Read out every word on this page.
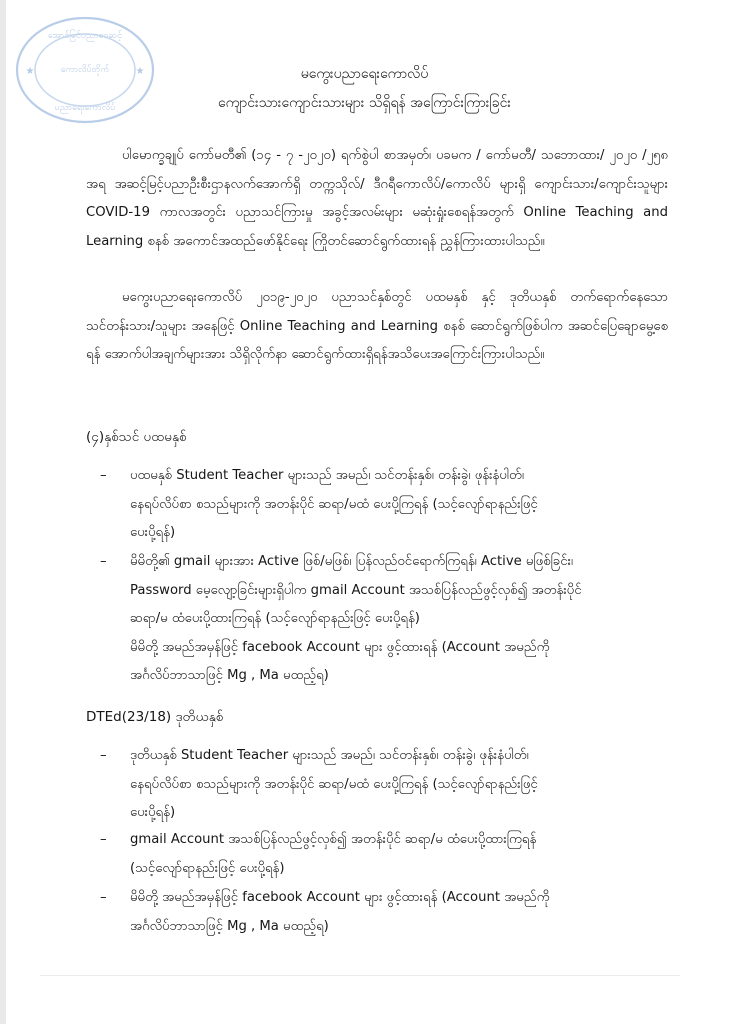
အောင်မြင်ပညာဝေဆင့်
ကောလိပ်တိုက်
ပညာရေးကောလိပ်
★	★	မကွေးပညာရေးကောလိပ်
ကျောင်းသားကျောင်းသားများ သိရှိရန် အကြောင်းကြားခြင်း
ပါမောက္ခချုပ် ကော်မတီ၏ (၁၄ - ၇ -၂၀၂၀) ရက်စွဲပါ စာအမှတ်၊ ပခမက / ကော်မတီ/ သဘောထား/ ၂၀၂၀ /၂၅၈ အရ အဆင့်မြင့်ပညာဦးစီးဌာနလက်အောက်ရှိ တက္ကသိုလ်/ ဒီဂရီကောလိပ်/ကောလိပ် များရှိ ကျောင်းသား/ကျောင်းသူများ COVID-19 ကာလအတွင်း ပညာသင်ကြားမှု အခွင့်အလမ်းများ မဆုံးရှုံးစေရန်အတွက် Online Teaching and Learning စနစ် အကောင်အထည်ဖော်နိုင်ရေး ကြိုတင်ဆောင်ရွက်ထားရန် ညွှန်ကြားထားပါသည်။
မကွေးပညာရေးကောလိပ် ၂၀၁၉-၂၀၂၀ ပညာသင်နှစ်တွင် ပထမနှစ် နှင့် ဒုတိယနှစ် တက်ရောက်နေသော သင်တန်းသား/သူများ အနေဖြင့် Online Teaching and Learning စနစ် ဆောင်ရွက်ဖြစ်ပါက အဆင်ပြေချောမွေ့စေရန် အောက်ပါအချက်များအား သိရှိလိုက်နာ ဆောင်ရွက်ထားရှိရန်အသိပေးအကြောင်းကြားပါသည်။
(၄)နှစ်သင် ပထမနှစ်
– ပထမနှစ် Student Teacher များသည် အမည်၊ သင်တန်းနှစ်၊ တန်းခွဲ၊ ဖုန်းနံပါတ်၊
နေရပ်လိပ်စာ စသည်များကို အတန်းပိုင် ဆရာ/မထံ ပေးပို့ကြရန် (သင့်လျော်ရာနည်းဖြင့်
ပေးပို့ရန်)
– မိမိတို့၏ gmail များအား Active ဖြစ်/မဖြစ်၊ ပြန်လည်ဝင်ရောက်ကြရန်၊ Active မဖြစ်ခြင်း၊
Password မေ့လျော့ခြင်းများရှိပါက gmail Account အသစ်ပြန်လည်ဖွင့်လှစ်၍ အတန်းပိုင်
ဆရာ/မ ထံပေးပို့ထားကြရန် (သင့်လျော်ရာနည်းဖြင့် ပေးပို့ရန်)
မိမိတို့ အမည်အမှန်ဖြင့် facebook Account များ ဖွင့်ထားရန် (Account အမည်ကို
အင်္ဂလိပ်ဘာသာဖြင့် Mg , Ma မထည့်ရ)
DTEd(23/18) ဒုတိယနှစ်
– ဒုတိယနှစ် Student Teacher များသည် အမည်၊ သင်တန်းနှစ်၊ တန်းခွဲ၊ ဖုန်းနံပါတ်၊
နေရပ်လိပ်စာ စသည်များကို အတန်းပိုင် ဆရာ/မထံ ပေးပို့ကြရန် (သင့်လျော်ရာနည်းဖြင့်
ပေးပို့ရန်)
– gmail Account အသစ်ပြန်လည်ဖွင့်လှစ်၍ အတန်းပိုင် ဆရာ/မ ထံပေးပို့ထားကြရန်
(သင့်လျော်ရာနည်းဖြင့် ပေးပို့ရန်)
– မိမိတို့ အမည်အမှန်ဖြင့် facebook Account များ ဖွင့်ထားရန် (Account အမည်ကို
အင်္ဂလိပ်ဘာသာဖြင့် Mg , Ma မထည့်ရ)
